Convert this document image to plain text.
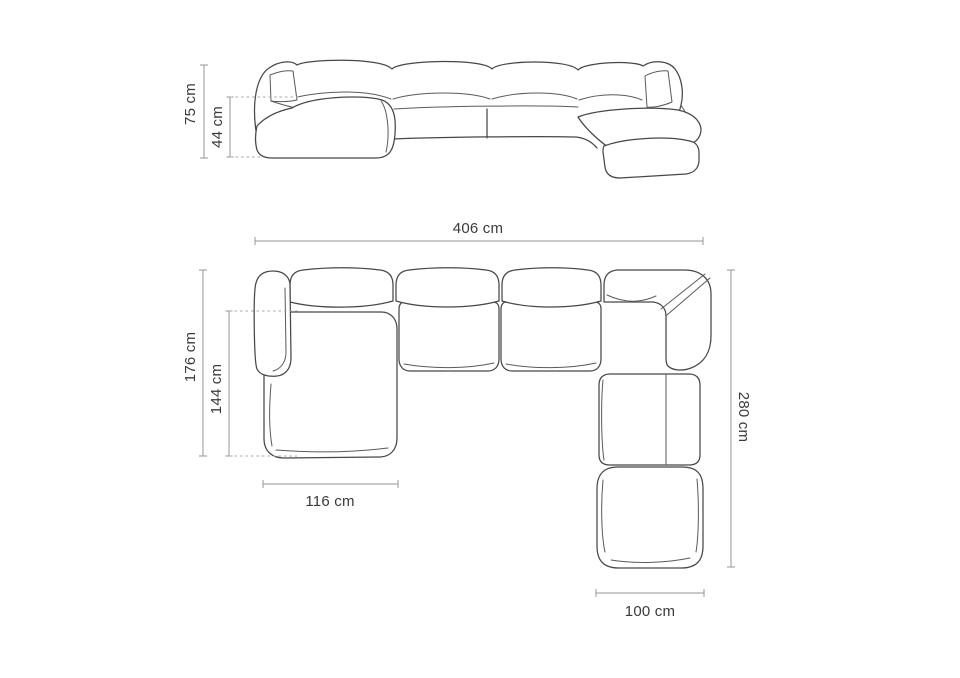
75 cm
44 cm
406 cm
176 cm
144 cm
116 cm
280 cm
100 cm
